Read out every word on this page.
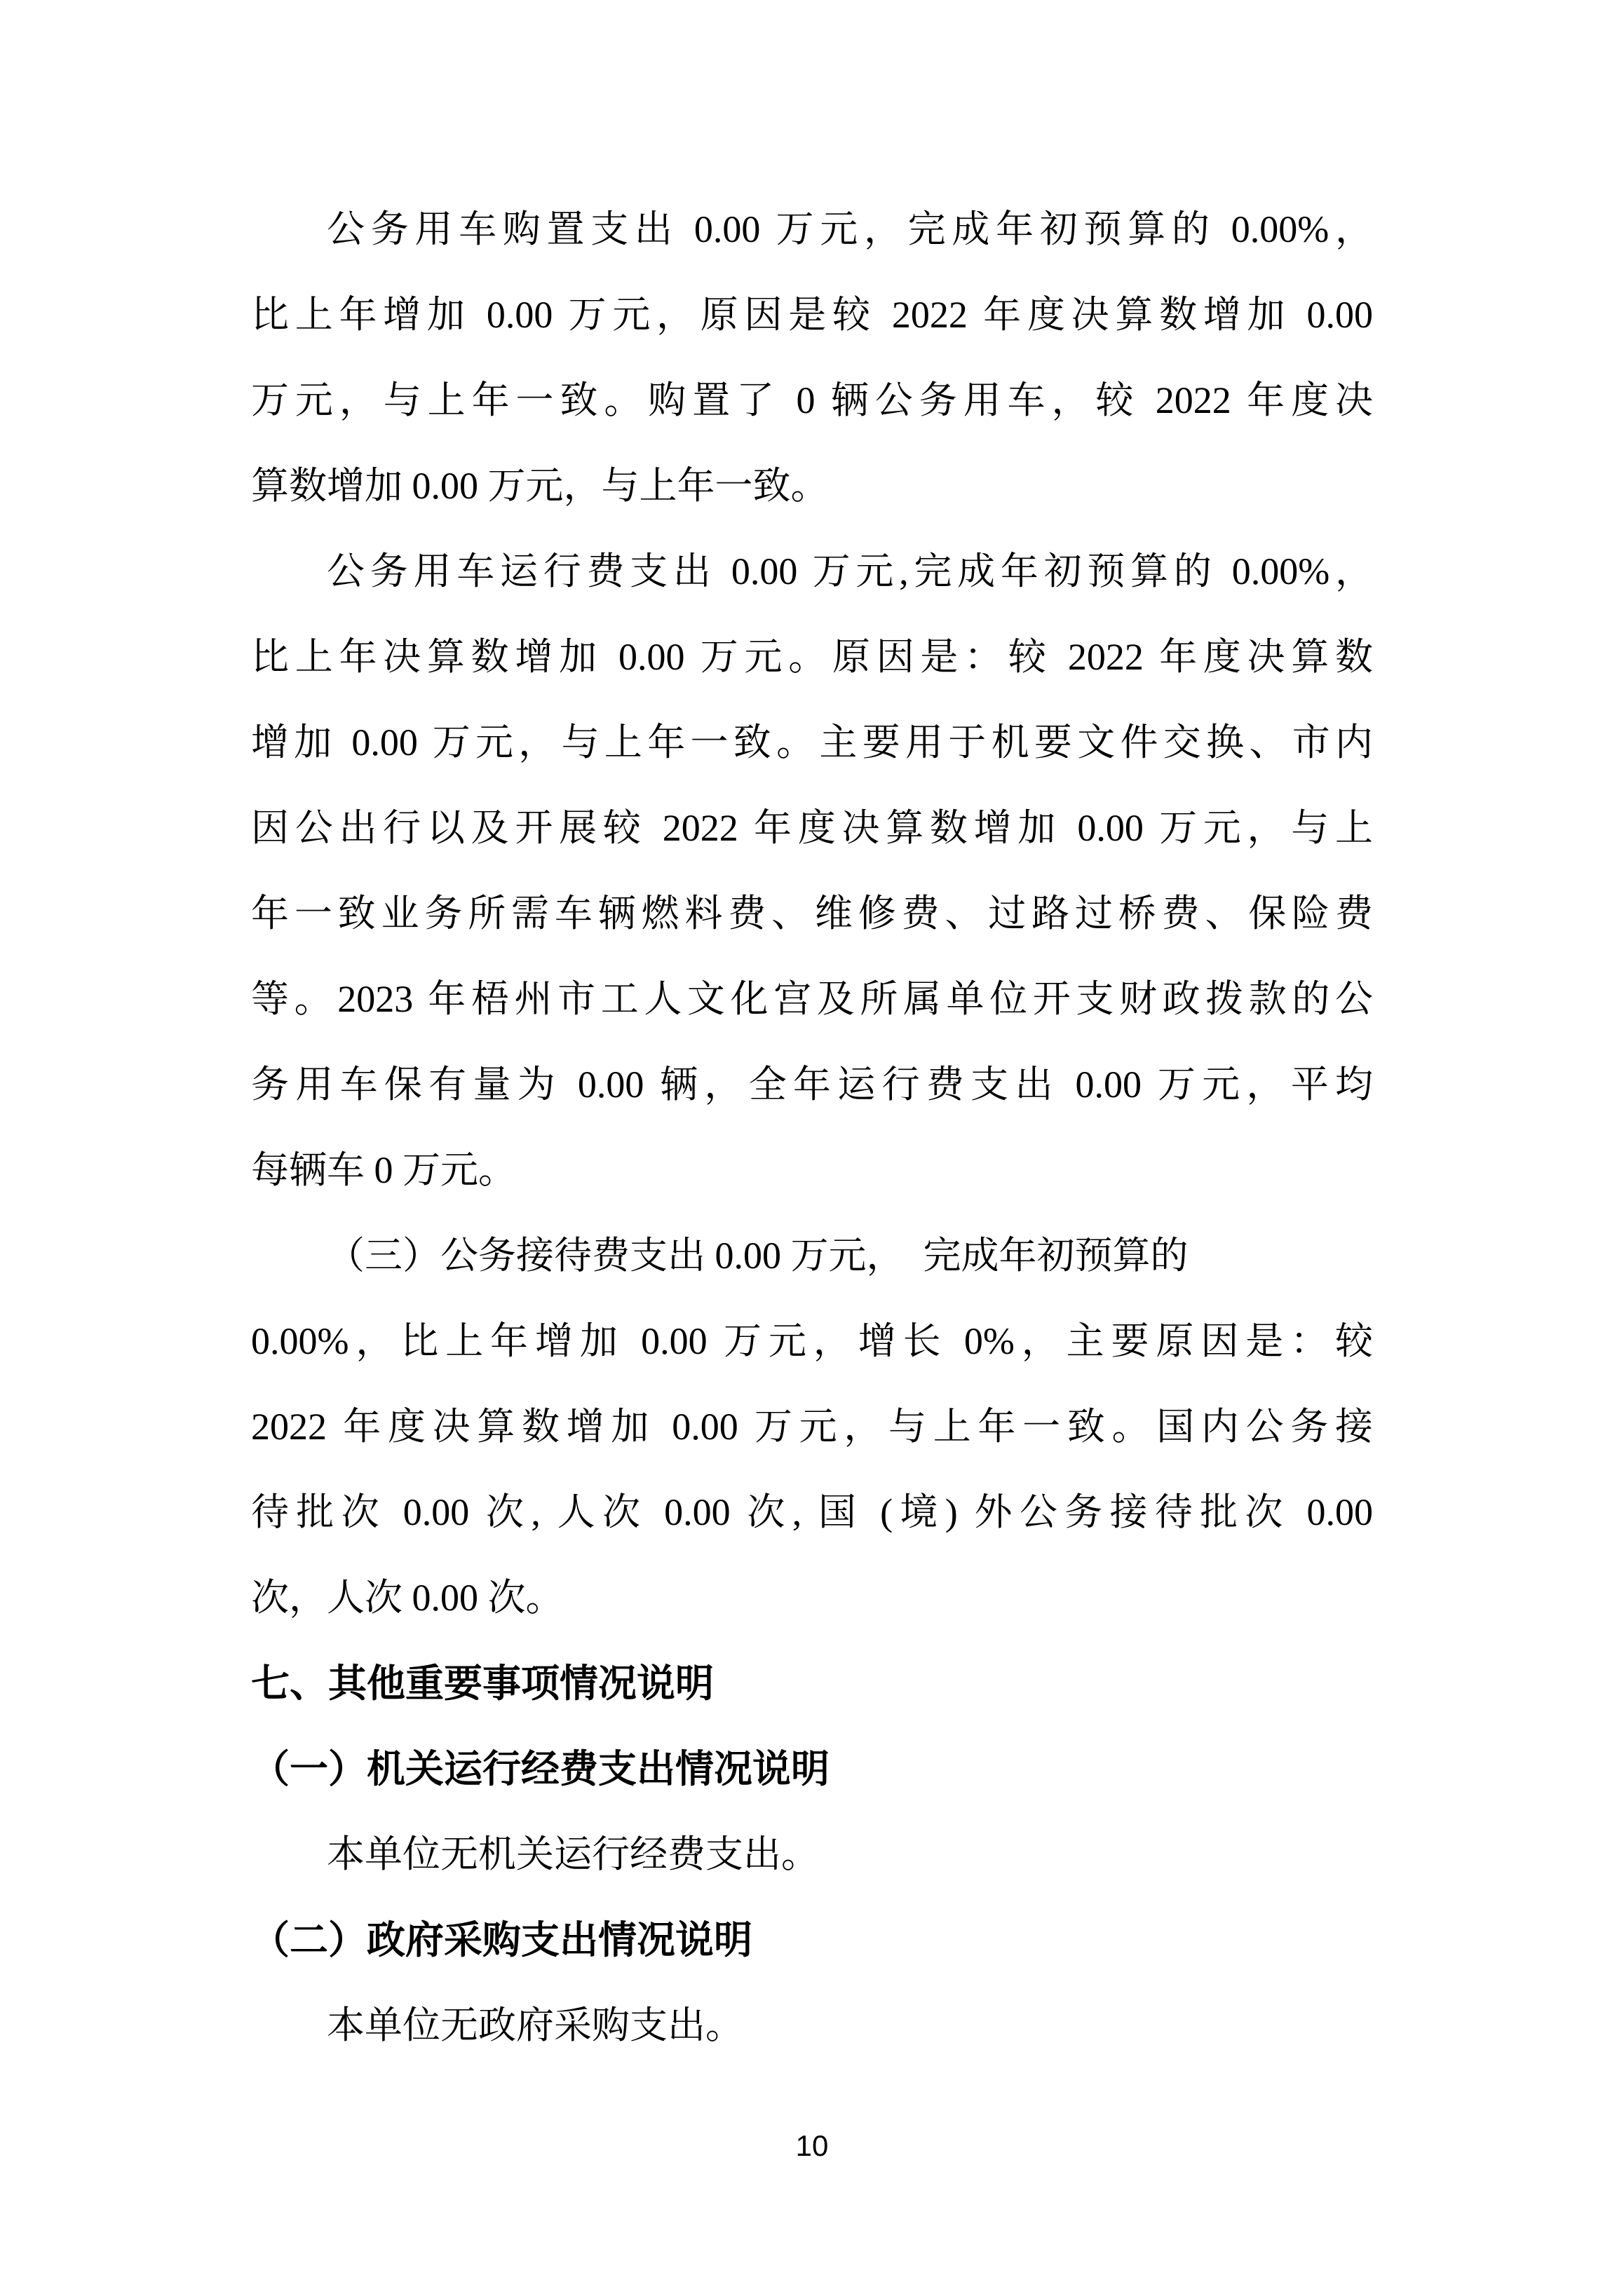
公务用车购置支出 0.00 万元，完成年初预算的 0.00%，
比上年增加 0.00 万元，原因是较 2022 年度决算数增加 0.00
万元，与上年一致。购置了 0 辆公务用车，较 2022 年度决
算数增加 0.00 万元，与上年一致。
公务用车运行费支出 0.00 万元,完成年初预算的 0.00%，
比上年决算数增加 0.00 万元。原因是：较 2022 年度决算数
增加 0.00 万元，与上年一致。主要用于机要文件交换、市内
因公出行以及开展较 2022 年度决算数增加 0.00 万元，与上
年一致业务所需车辆燃料费、维修费、过路过桥费、保险费
等。2023 年梧州市工人文化宫及所属单位开支财政拨款的公
务用车保有量为 0.00 辆，全年运行费支出 0.00 万元，平均
每辆车 0 万元。
（三）公务接待费支出 0.00 万元，　完成年初预算的
0.00%，比上年增加 0.00 万元，增长 0%，主要原因是：较
2022 年度决算数增加 0.00 万元，与上年一致。国内公务接
待批次 0.00 次, 人次 0.00 次, 国 (境) 外公务接待批次 0.00
次，人次 0.00 次。
七、其他重要事项情况说明
（一）机关运行经费支出情况说明
本单位无机关运行经费支出。
（二）政府采购支出情况说明
本单位无政府采购支出。
10
